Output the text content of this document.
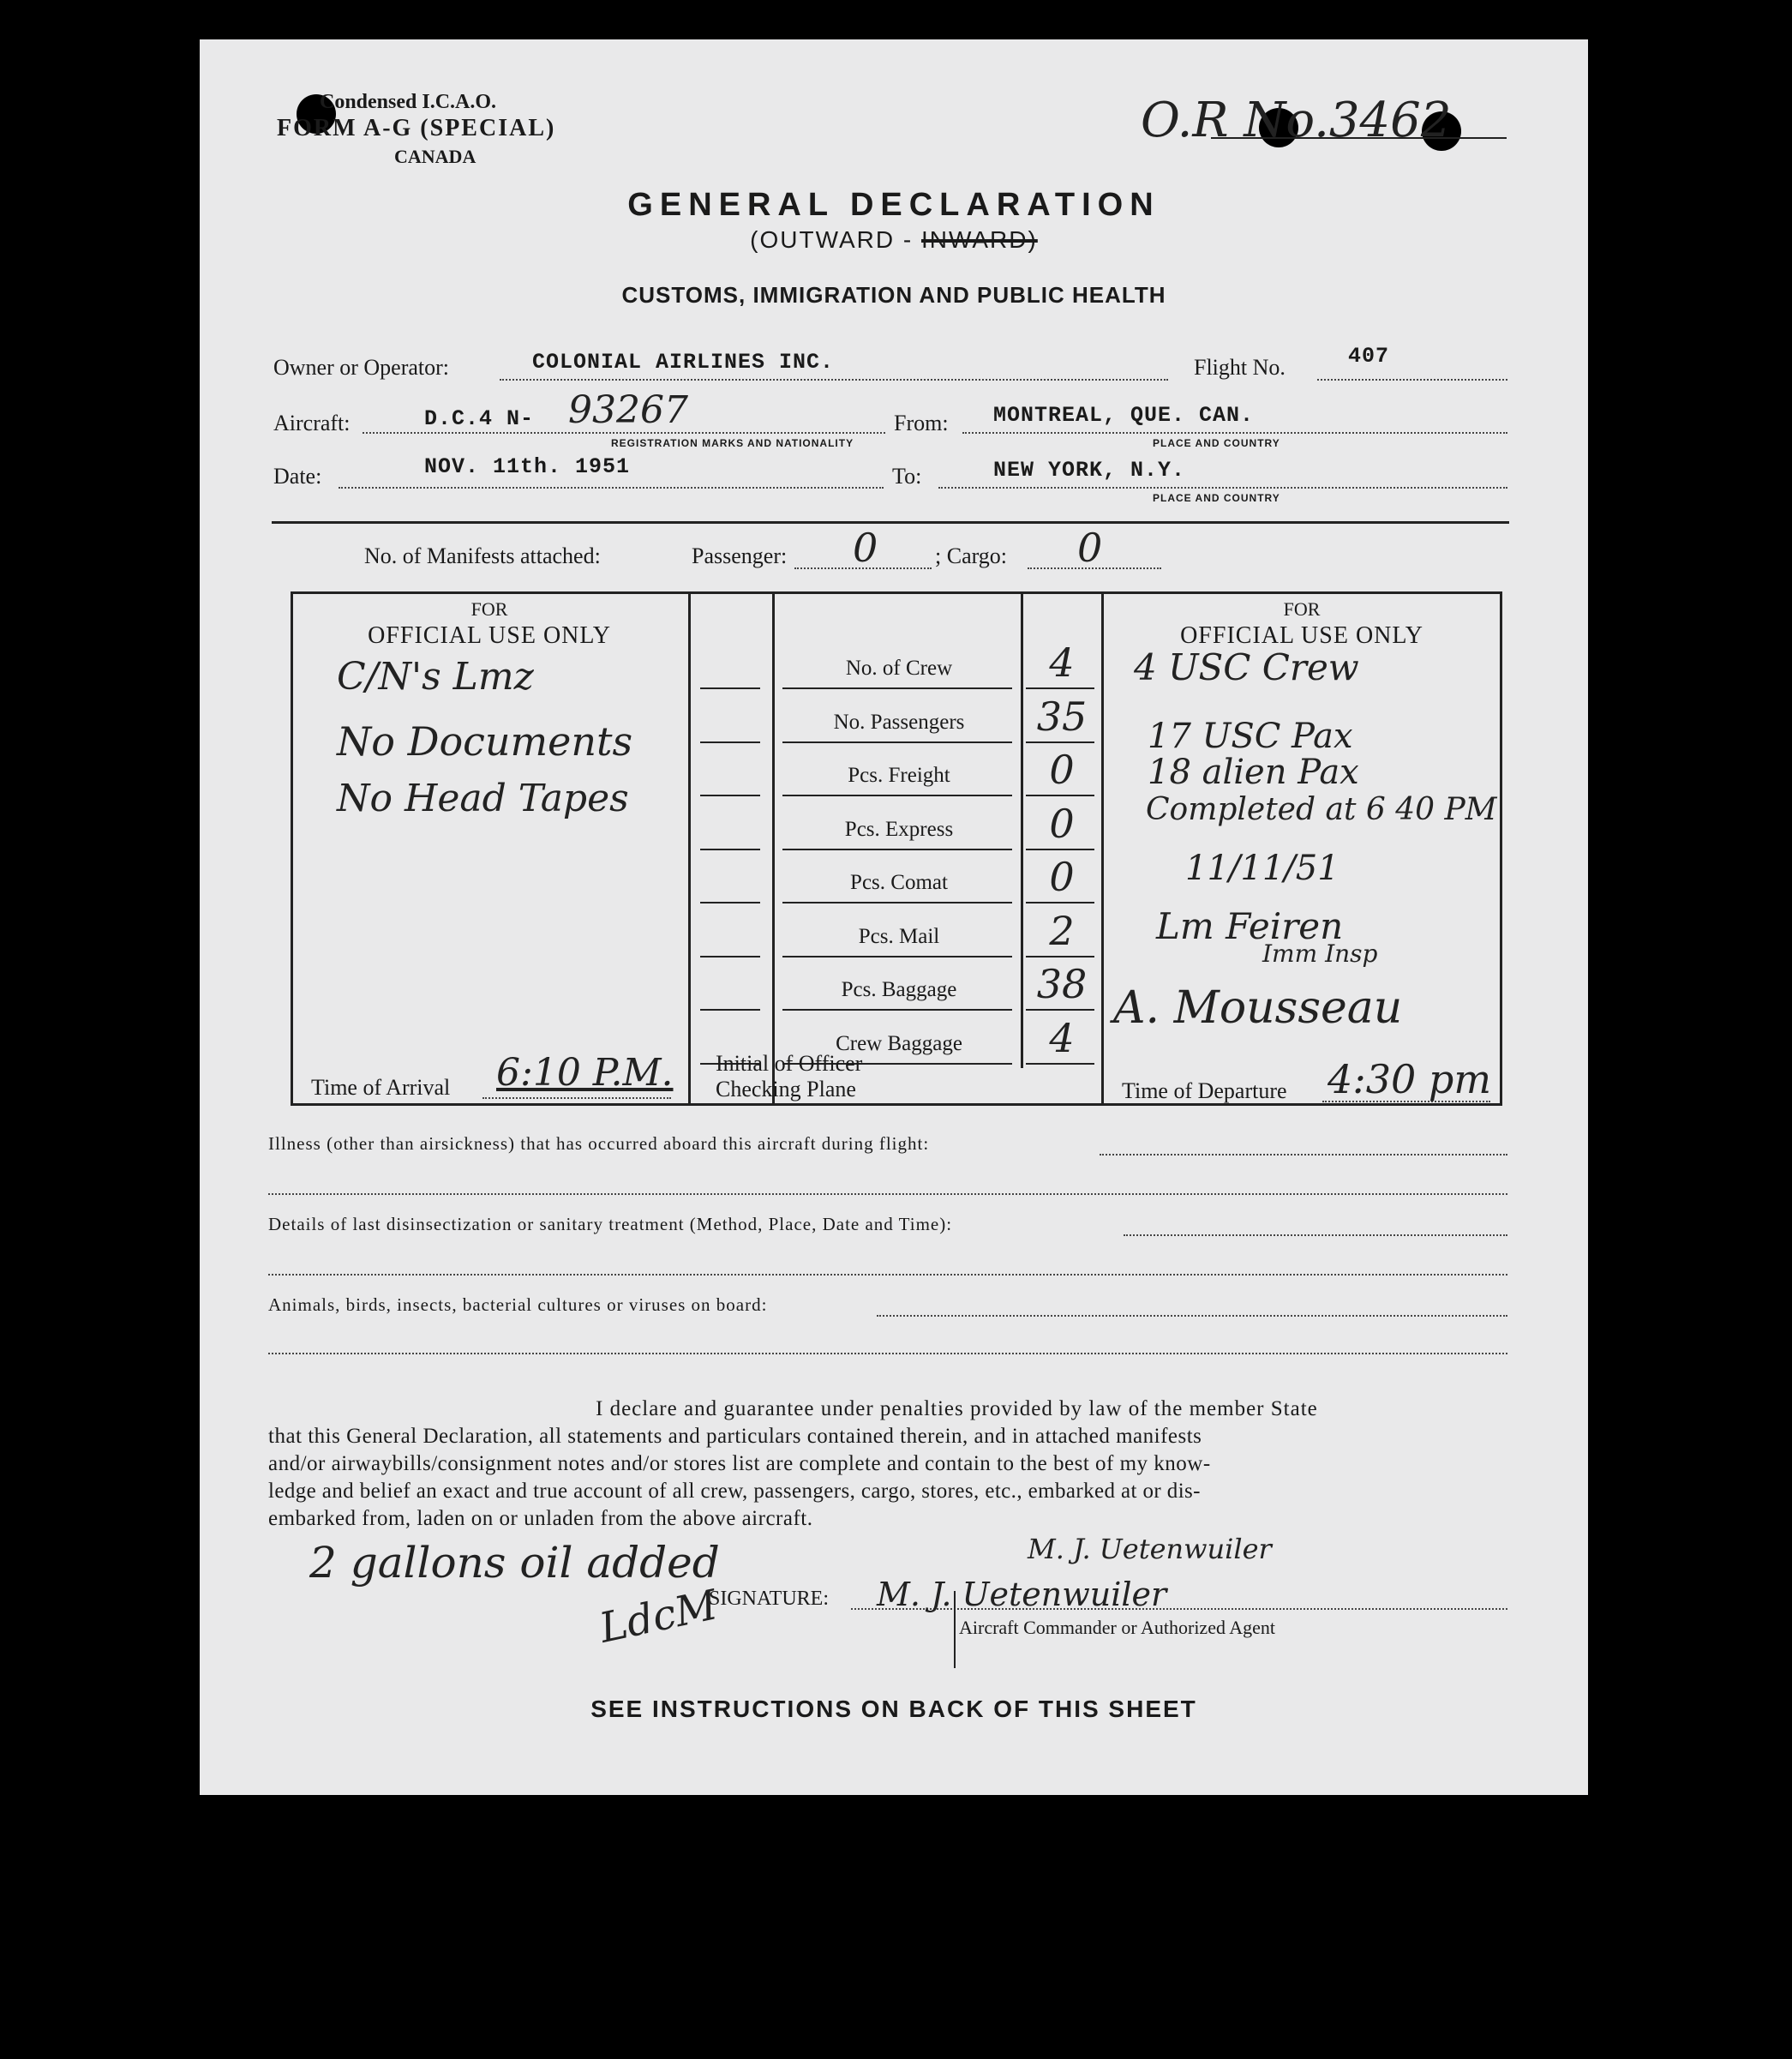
Condensed I.C.A.O.
FORM A-G (SPECIAL)
CANADA
O.R No.3462
GENERAL DECLARATION
(OUTWARD - INWARD)
CUSTOMS, IMMIGRATION AND PUBLIC HEALTH
Owner or Operator:	COLONIAL AIRLINES INC.	Flight No.	407
Aircraft:	D.C.4 N- 93267
REGISTRATION MARKS AND NATIONALITY
From: MONTREAL, QUE. CAN.
PLACE AND COUNTRY
Date:	NOV. 11th. 1951	To:	NEW YORK, N.Y.
PLACE AND COUNTRY
No. of Manifests attached:	Passenger: 0	; Cargo: 0
FOR
OFFICIAL USE ONLY
C/N's Lmz
No Documents
No Head Tapes
Time of Arrival 6:10 P.M.
No. of Crew	4
No. Passengers	35
Pcs. Freight	0
Pcs. Express	0
Pcs. Comat	0
Pcs. Mail	2
Pcs. Baggage	38
Crew Baggage	4
Initial of Officer
Checking Plane
FOR
OFFICIAL USE ONLY
4 USC Crew
17 USC Pax
18 alien Pax
Completed at 6 40 PM
11/11/51
Lm Feiren
Imm Insp
A. Mousseau
Time of Departure 4:30 pm
Illness (other than airsickness) that has occurred aboard this aircraft during flight:
Details of last disinsectization or sanitary treatment (Method, Place, Date and Time):
Animals, birds, insects, bacterial cultures or viruses on board:
I declare and guarantee under penalties provided by law of the member State
that this General Declaration, all statements and particulars contained therein, and in attached manifests
and/or airwaybills/consignment notes and/or stores list are complete and contain to the best of my know-
ledge and belief an exact and true account of all crew, passengers, cargo, stores, etc., embarked at or dis-
embarked from, laden on or unladen from the above aircraft.
2 gallons oil added
LdcM
M. J. Uetenwuiler
SIGNATURE: M. J. Uetenwuiler
Aircraft Commander or Authorized Agent
SEE INSTRUCTIONS ON BACK OF THIS SHEET
